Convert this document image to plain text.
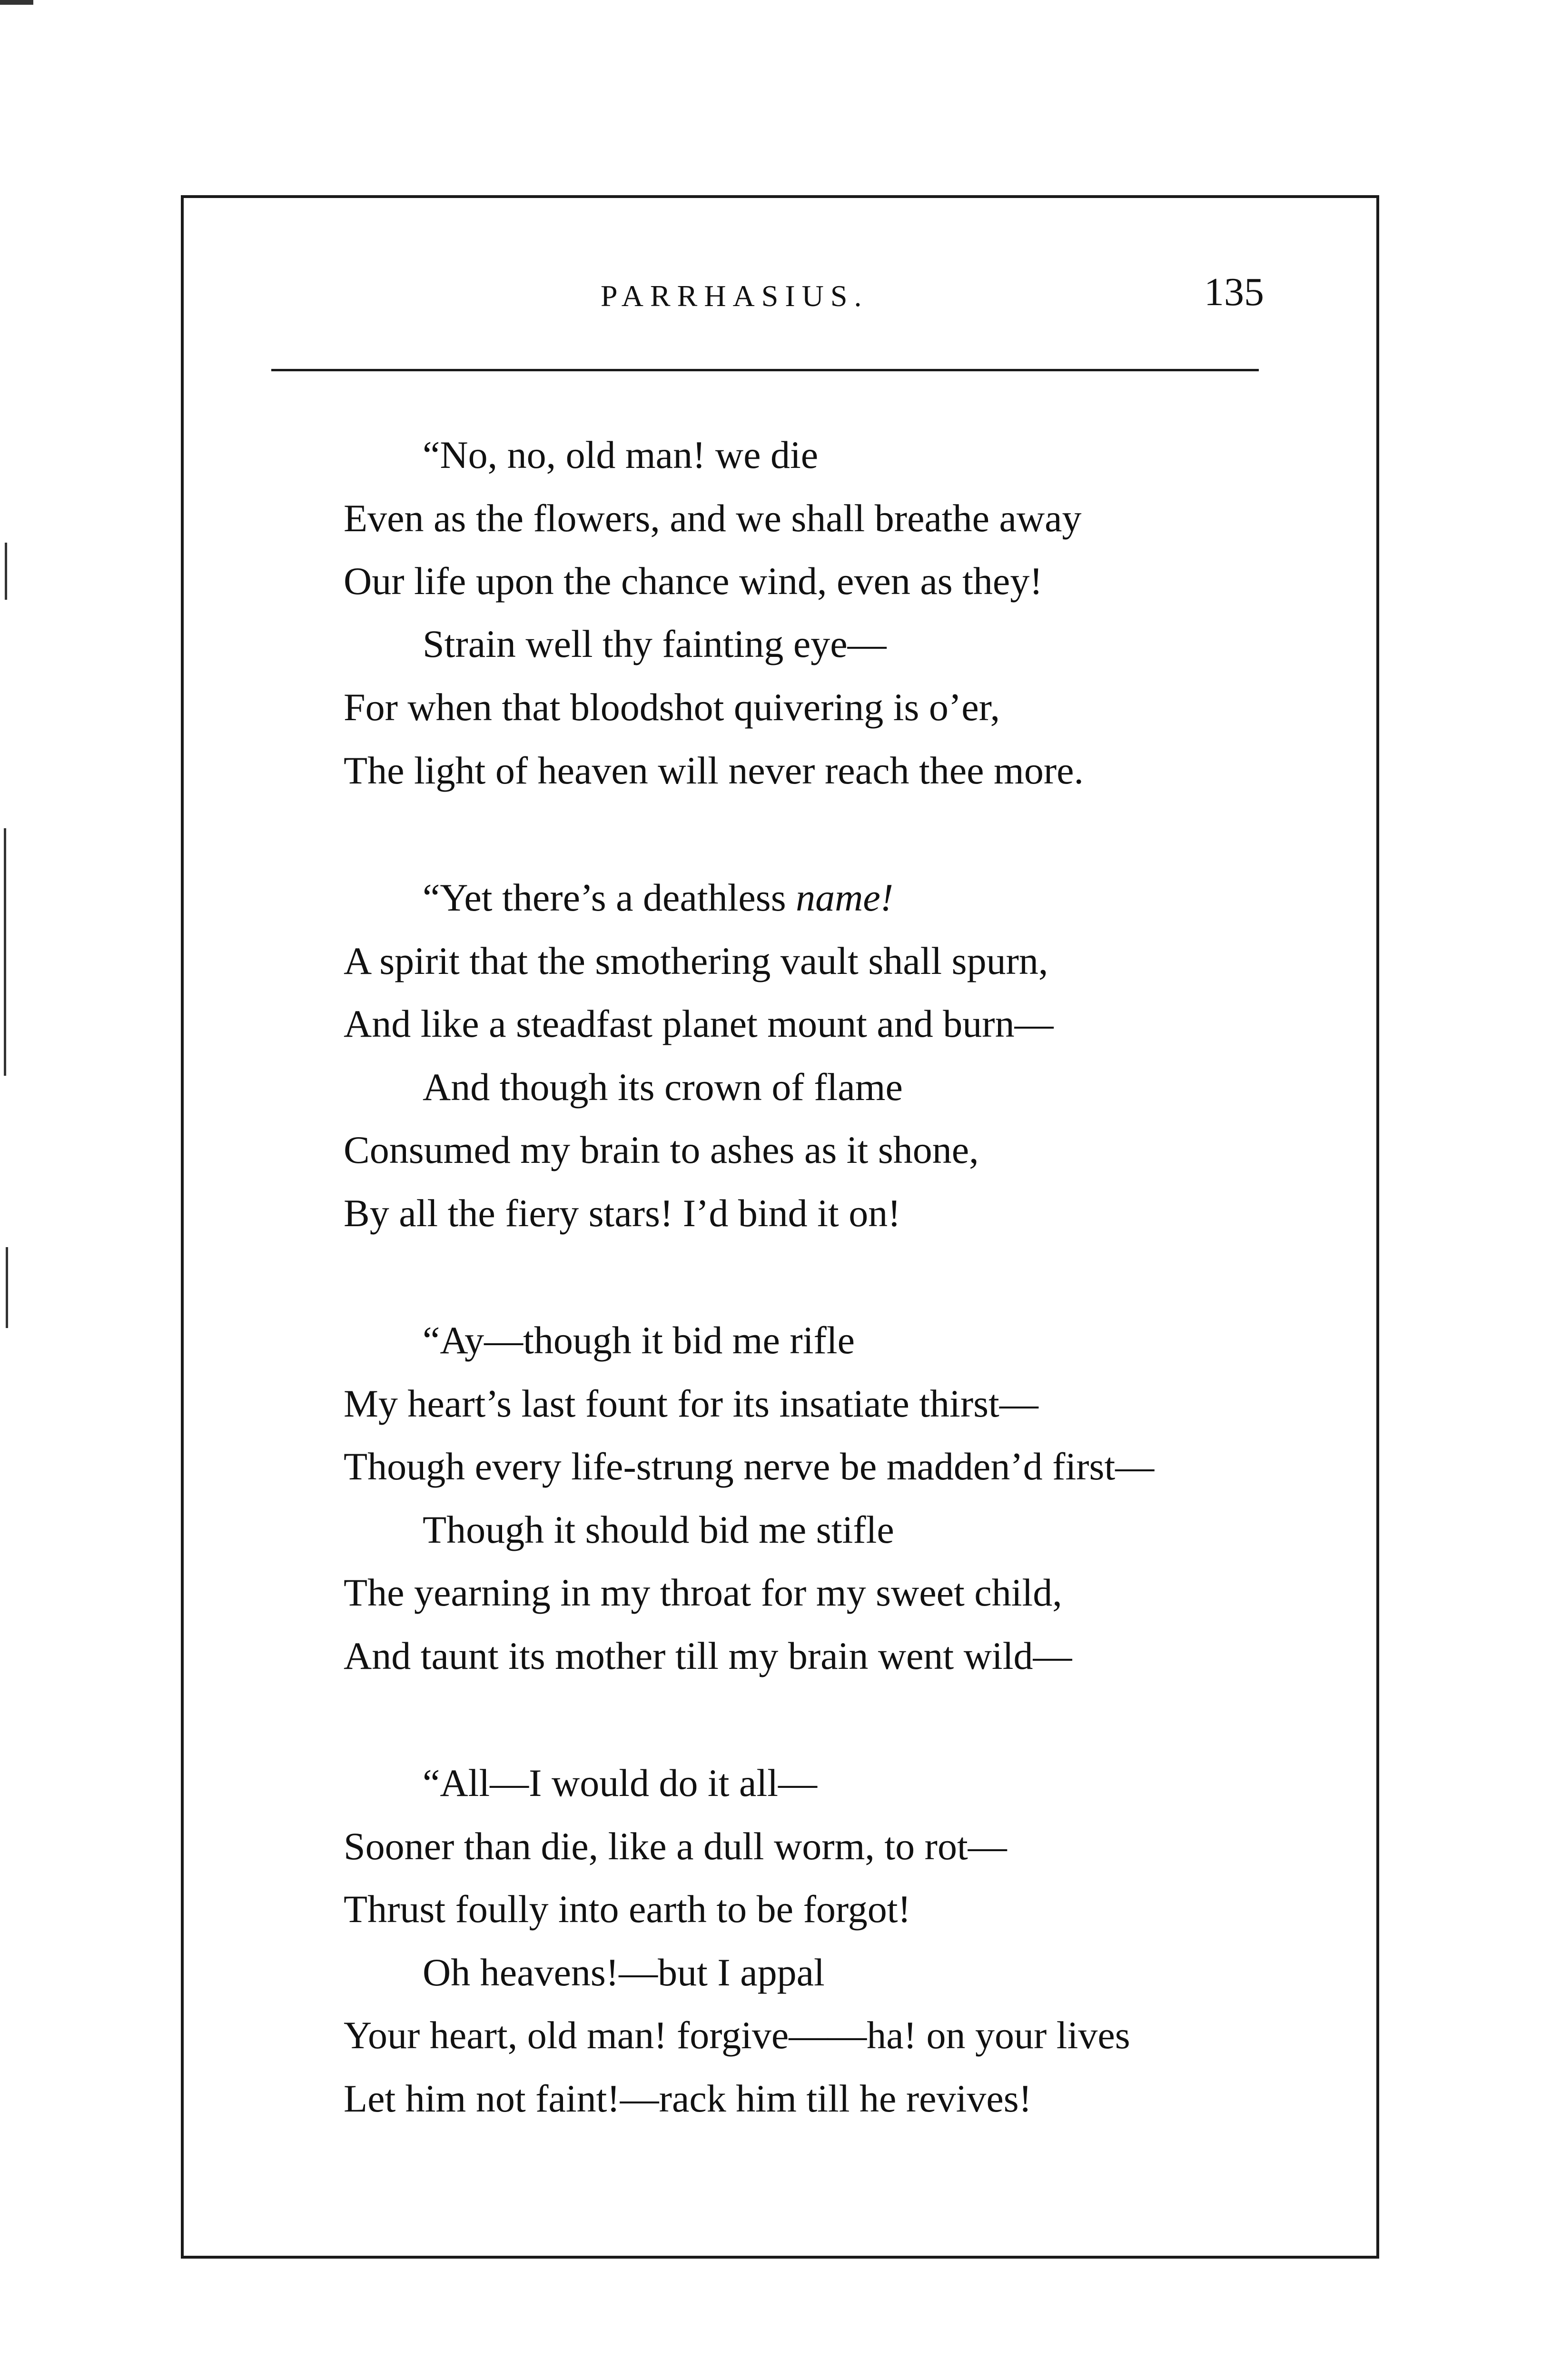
PARRHASIUS.	135
“No, no, old man! we die
Even as the flowers, and we shall breathe away
Our life upon the chance wind, even as they!
Strain well thy fainting eye—
For when that bloodshot quivering is o’er,
The light of heaven will never reach thee more.
“Yet there’s a deathless name!
A spirit that the smothering vault shall spurn,
And like a steadfast planet mount and burn—
And though its crown of flame
Consumed my brain to ashes as it shone,
By all the fiery stars! I’d bind it on!
“Ay—though it bid me rifle
My heart’s last fount for its insatiate thirst—
Though every life-strung nerve be madden’d first—
Though it should bid me stifle
The yearning in my throat for my sweet child,
And taunt its mother till my brain went wild—
“All—I would do it all—
Sooner than die, like a dull worm, to rot—
Thrust foully into earth to be forgot!
Oh heavens!—but I appal
Your heart, old man! forgive——ha! on your lives
Let him not faint!—rack him till he revives!
